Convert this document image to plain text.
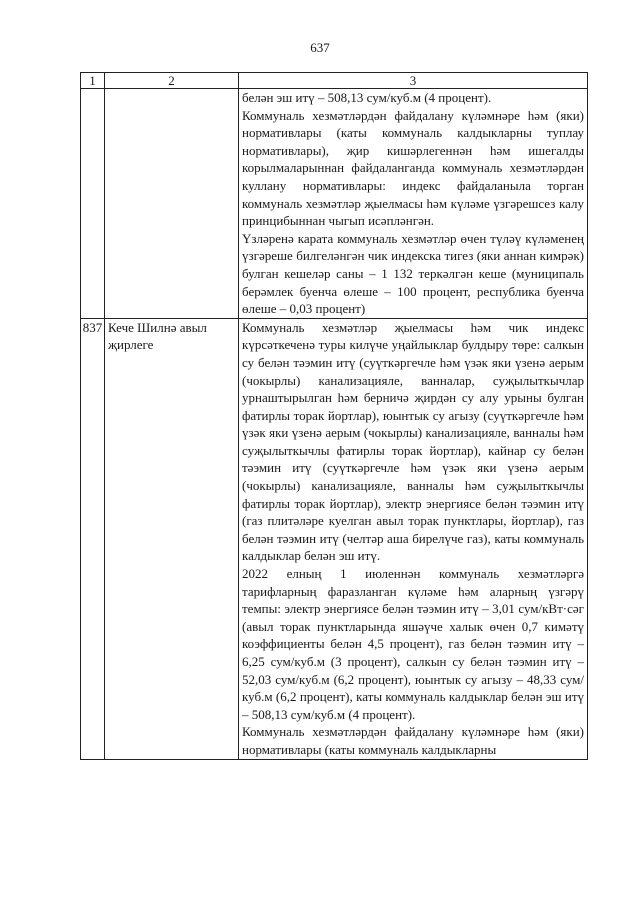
637
1	2	3

		белән эш итү – 508,13 сум/куб.м (4 процент).

Коммуналь хезмәтләрдән файдалану күләмнәре һәм (яки) нормативлары (каты коммуналь калдыкларны туплау нормативлары), җир кишәрлегеннән һәм ишегалды корылмаларыннан файдаланганда коммуналь хезмәтләрдән куллану нормативлары: индекс файдаланыла торган коммуналь хезмәтләр җыелмасы һәм күләме үзгәрешсез калу принцибыннан чыгып исәпләнгән.

Үзләренә карата коммуналь хезмәтләр өчен түләү күләменең үзгәреше билгеләнгән чик индекска тигез (яки аннан кимрәк) булган кешеләр саны – 1 132 теркәлгән кеше (муниципаль берәмлек буенча өлеше – 100 процент, республика буенча өлеше – 0,03 процент)

837	Кече Шилнә авыл җирлеге	Коммуналь хезмәтләр җыелмасы һәм чик индекс күрсәткеченә туры килүче уңайлыклар булдыру төре: салкын су белән тәэмин итү (суүткәргечле һәм үзәк яки үзенә аерым (чокырлы) канализацияле, ванналар, суҗылыткычлар урнаштырылган һәм берничә җирдән су алу урыны булган фатирлы торак йортлар), юынтык су агызу (суүткәргечле һәм үзәк яки үзенә аерым (чокырлы) канализацияле, ванналы һәм суҗылыткычлы фатирлы торак йортлар), кайнар су белән тәэмин итү (суүткәргечле һәм үзәк яки үзенә аерым (чокырлы) канализацияле, ванналы һәм суҗылыткычлы фатирлы торак йортлар), электр энергиясе белән тәэмин итү (газ плитәләре куелган авыл торак пунктлары, йортлар), газ белән тәэмин итү (челтәр аша бирелүче газ), каты коммуналь калдыклар белән эш итү.

2022 елның 1 июленнән коммуналь хезмәтләргә тарифларның фаразланган күләме һәм аларның үзгәрү темпы: электр энергиясе белән тәэмин итү – 3,01 сум/кВт·сәг (авыл торак пунктларында яшәүче халык өчен 0,7 кимәтү коэффициенты белән 4,5 процент), газ белән тәэмин итү – 6,25 сум/куб.м (3 процент), салкын су белән тәэмин итү – 52,03 сум/куб.м (6,2 процент), юынтык су агызу – 48,33 сум/куб.м (6,2 процент), каты коммуналь калдыклар белән эш итү – 508,13 сум/куб.м (4 процент).

Коммуналь хезмәтләрдән файдалану күләмнәре һәм (яки) нормативлары (каты коммуналь калдыкларны
